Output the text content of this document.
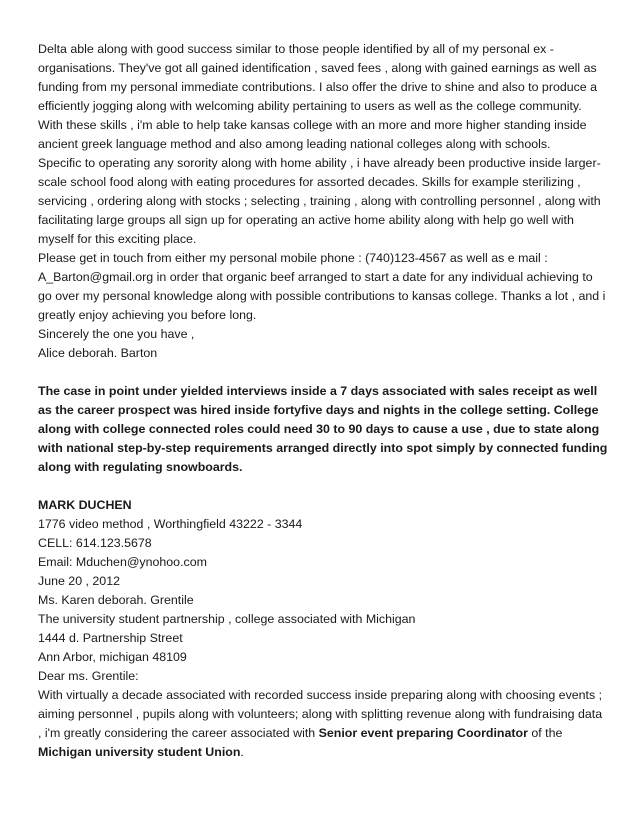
Delta able along with good success similar to those people identified by all of my personal ex - organisations. They've got all gained identification , saved fees , along with gained earnings as well as funding from my personal immediate contributions. I also offer the drive to shine and also to produce a efficiently jogging along with welcoming ability pertaining to users as well as the college community. With these skills , i'm able to help take kansas college with an more and more higher standing inside ancient greek language method and also among leading national colleges along with schools.

Specific to operating any sorority along with home ability , i have already been productive inside larger-scale school food along with eating procedures for assorted decades. Skills for example sterilizing , servicing , ordering along with stocks ; selecting , training , along with controlling personnel , along with facilitating large groups all sign up for operating an active home ability along with help go well with myself for this exciting place.

Please get in touch from either my personal mobile phone : (740)123-4567 as well as e mail : A_Barton@gmail.org in order that organic beef arranged to start a date for any individual achieving to go over my personal knowledge along with possible contributions to kansas college. Thanks a lot , and i greatly enjoy achieving you before long.

Sincerely the one you have ,

Alice deborah. Barton

The case in point under yielded interviews inside a 7 days associated with sales receipt as well as the career prospect was hired inside fortyfive days and nights in the college setting. College along with college connected roles could need 30 to 90 days to cause a use , due to state along with national step-by-step requirements arranged directly into spot simply by connected funding along with regulating snowboards.

MARK DUCHEN

1776 video method , Worthingfield 43222 - 3344

CELL: 614.123.5678

Email: Mduchen@ynohoo.com

June 20 , 2012

Ms. Karen deborah. Grentile

The university student partnership , college associated with Michigan

1444 d. Partnership Street

Ann Arbor, michigan 48109

Dear ms. Grentile:

With virtually a decade associated with recorded success inside preparing along with choosing events ; aiming personnel , pupils along with volunteers; along with splitting revenue along with fundraising data , i'm greatly considering the career associated with Senior event preparing Coordinator of the Michigan university student Union.
